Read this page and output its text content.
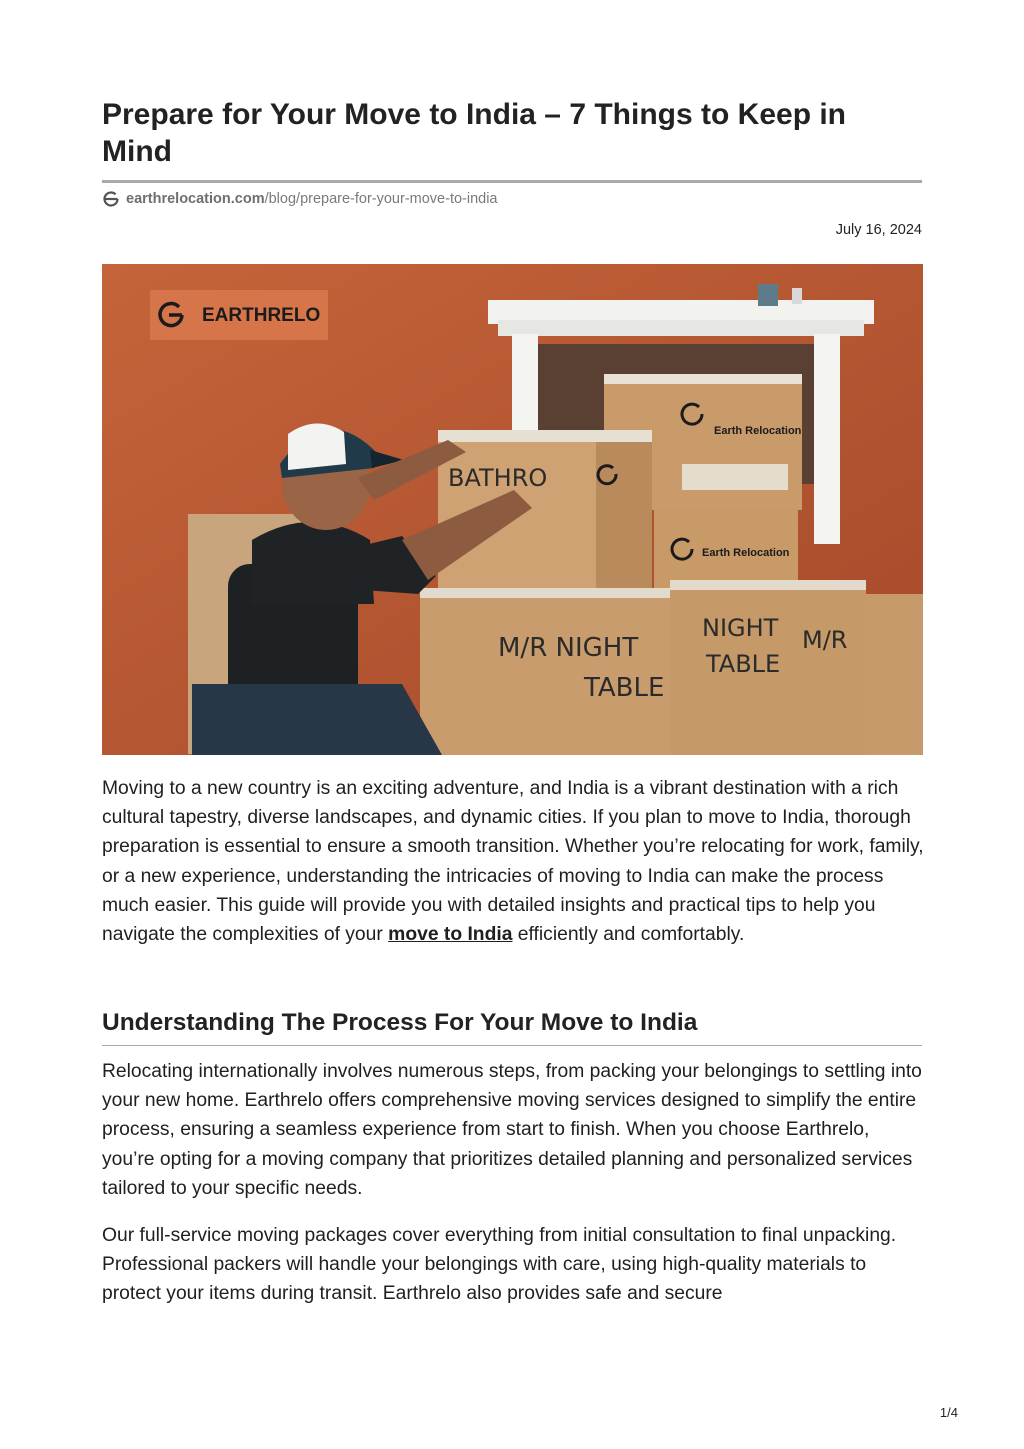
Prepare for Your Move to India – 7 Things to Keep in Mind
earthrelocation.com /blog/prepare-for-your-move-to-india
July 16, 2024
EARTHRELO
Earth Relocation
Earth Relocation
BATHRO
M/R NIGHT
TABLE
NIGHT
TABLE
M/R

Moving to a new country is an exciting adventure, and India is a vibrant destination with a rich cultural tapestry, diverse landscapes, and dynamic cities. If you plan to move to India, thorough preparation is essential to ensure a smooth transition. Whether you’re relocating for work, family, or a new experience, understanding the intricacies of moving to India can make the process much easier. This guide will provide you with detailed insights and practical tips to help you navigate the complexities of your move to India efficiently and comfortably.

Understanding The Process For Your Move to India

Relocating internationally involves numerous steps, from packing your belongings to settling into your new home. Earthrelo offers comprehensive moving services designed to simplify the entire process, ensuring a seamless experience from start to finish. When you choose Earthrelo, you’re opting for a moving company that prioritizes detailed planning and personalized services tailored to your specific needs.

Our full-service moving packages cover everything from initial consultation to final unpacking. Professional packers will handle your belongings with care, using high-quality materials to protect your items during transit. Earthrelo also provides safe and secure

1/4
